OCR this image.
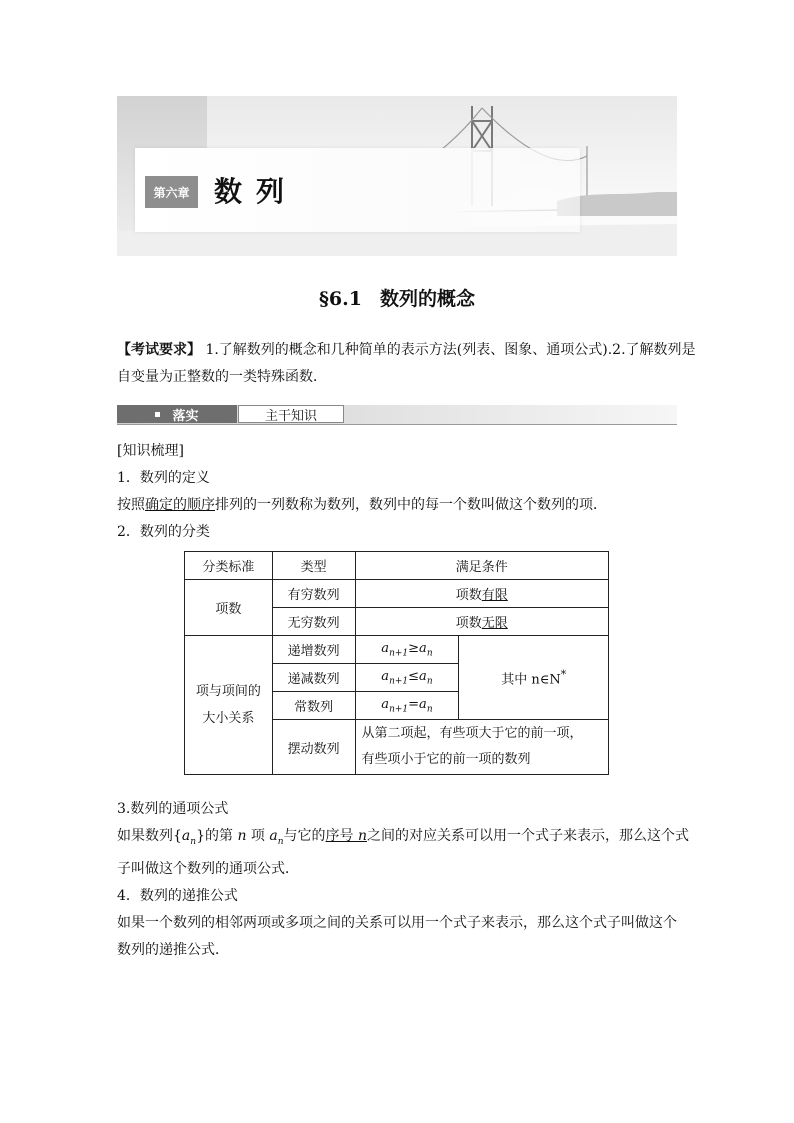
第六章 数列
§6.1 数列的概念
【考试要求】 1.了解数列的概念和几种简单的表示方法(列表、图象、通项公式).2.了解数列是
自变量为正整数的一类特殊函数．
落实	主干知识
[知识梳理]
1．数列的定义
按照确定的顺序排列的一列数称为数列，数列中的每一个数叫做这个数列的项．
2．数列的分类
分类标准	类型	满足条件	
项数	有穷数列	项数有限	
	无穷数列	项数无限	

项与项间的
大小关系	递增数列	$a_{n+1}\ge a_n$	其中 n∈N*
	递减数列	$a_{n+1}\le a_n$
	常数列	$a_{n+1}=a_n$
	摆动数列	从第二项起，有些项大于它的前一项，
有些项小于它的前一项的数列	
3.数列的通项公式
如果数列$\{a_n\}$的第 n 项 $a_n$与它的序号 n之间的对应关系可以用一个式子来表示，那么这个式
子叫做这个数列的通项公式．
4．数列的递推公式
如果一个数列的相邻两项或多项之间的关系可以用一个式子来表示，那么这个式子叫做这个
数列的递推公式．
